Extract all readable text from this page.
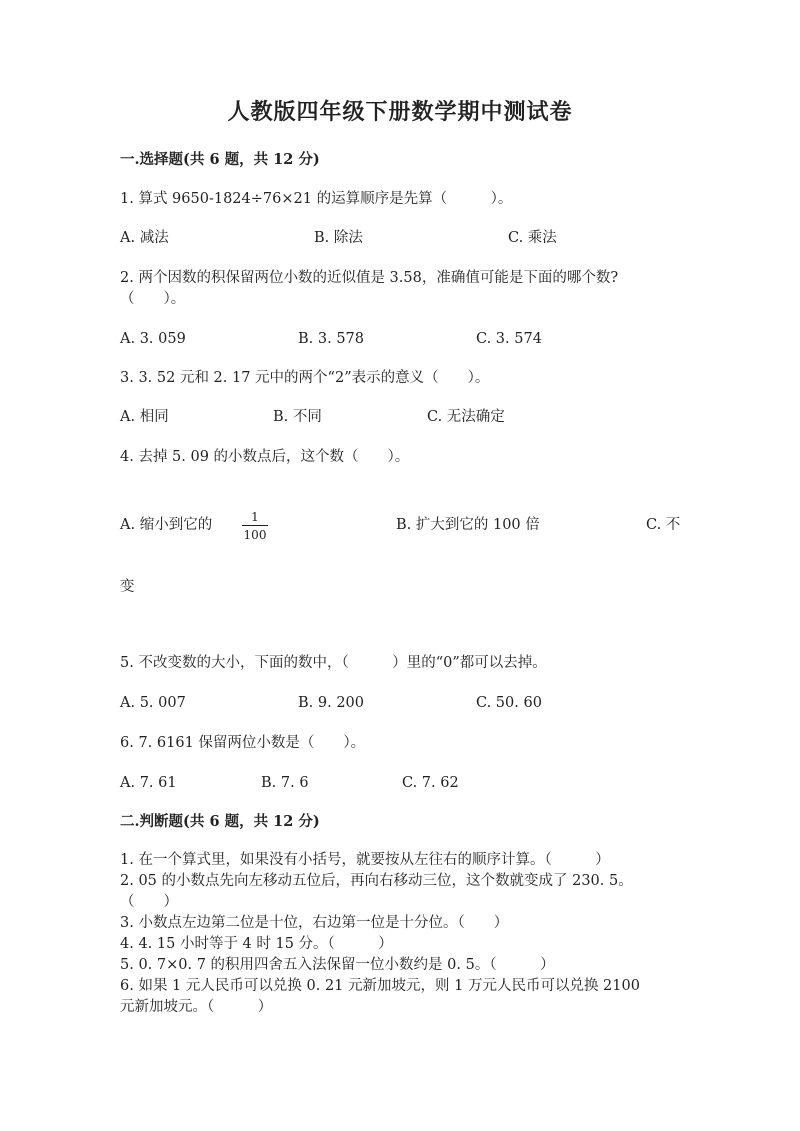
人教版四年级下册数学期中测试卷
一.选择题(共 6 题，共 12 分)
1. 算式 9650-1824÷76×21 的运算顺序是先算（　　　）。
A. 减法	B. 除法	C. 乘法
2. 两个因数的积保留两位小数的近似值是 3.58，准确值可能是下面的哪个数?
（　　）。
A. 3. 059	B. 3. 578	C. 3. 574
3. 3. 52 元和 2. 17 元中的两个“2”表示的意义（　　）。
A. 相同	B. 不同	C. 无法确定
4. 去掉 5. 09 的小数点后，这个数（　　）。
A. 缩小到它的	1
100
B. 扩大到它的 100 倍	C. 不
变
5. 不改变数的大小，下面的数中，（　　　）里的“0”都可以去掉。
A. 5. 007	B. 9. 200	C. 50. 60
6. 7. 6161 保留两位小数是（　　）。
A. 7. 61	B. 7. 6	C. 7. 62
二.判断题(共 6 题，共 12 分)
1. 在一个算式里，如果没有小括号，就要按从左往右的顺序计算。（　　　）
2. 05 的小数点先向左移动五位后，再向右移动三位，这个数就变成了 230. 5。
（　　）
3. 小数点左边第二位是十位，右边第一位是十分位。（　　）
4. 4. 15 小时等于 4 时 15 分。（　　　）
5. 0. 7×0. 7 的积用四舍五入法保留一位小数约是 0. 5。（　　　）
6. 如果 1 元人民币可以兑换 0. 21 元新加坡元，则 1 万元人民币可以兑换 2100
元新加坡元。（　　　）
